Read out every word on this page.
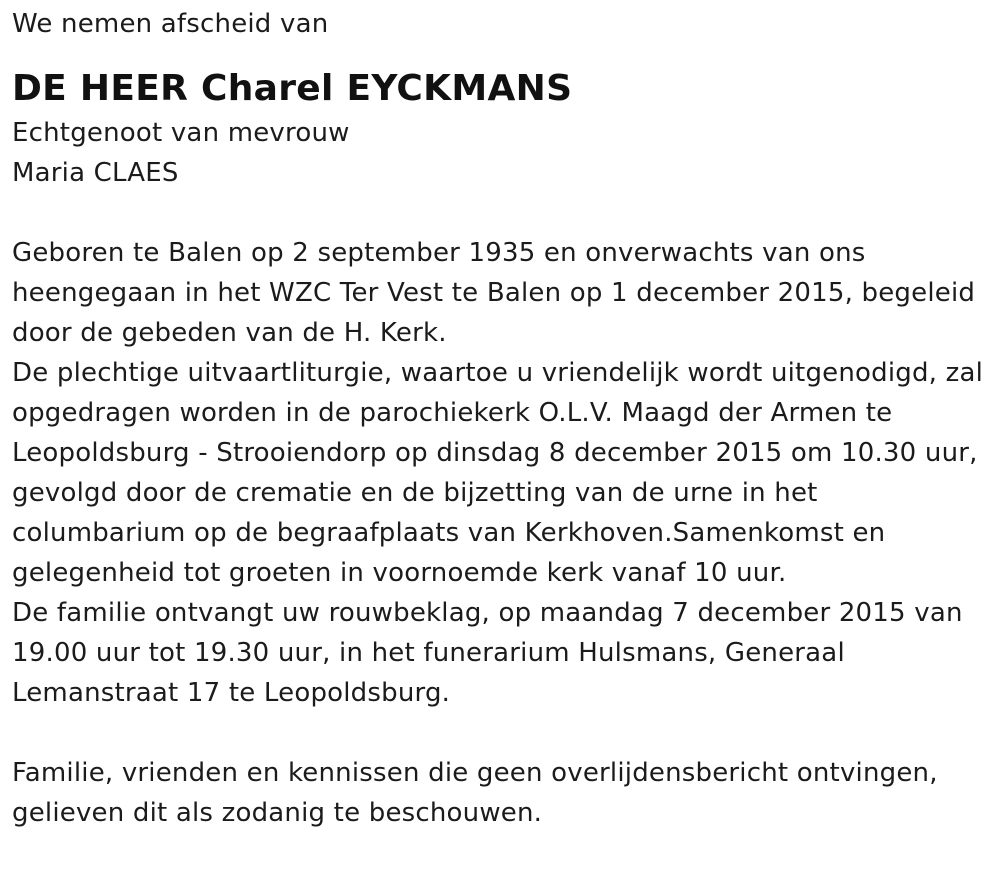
We nemen afscheid van
DE HEER Charel EYCKMANS
Echtgenoot van mevrouw
Maria CLAES
Geboren te Balen op 2 september 1935 en onverwachts van ons
heengegaan in het WZC Ter Vest te Balen op 1 december 2015, begeleid
door de gebeden van de H. Kerk.
De plechtige uitvaartliturgie, waartoe u vriendelijk wordt uitgenodigd, zal
opgedragen worden in de parochiekerk O.L.V. Maagd der Armen te
Leopoldsburg - Strooiendorp op dinsdag 8 december 2015 om 10.30 uur,
gevolgd door de crematie en de bijzetting van de urne in het
columbarium op de begraafplaats van Kerkhoven.Samenkomst en
gelegenheid tot groeten in voornoemde kerk vanaf 10 uur.
De familie ontvangt uw rouwbeklag, op maandag 7 december 2015 van
19.00 uur tot 19.30 uur, in het funerarium Hulsmans, Generaal
Lemanstraat 17 te Leopoldsburg.
Familie, vrienden en kennissen die geen overlijdensbericht ontvingen,
gelieven dit als zodanig te beschouwen.
